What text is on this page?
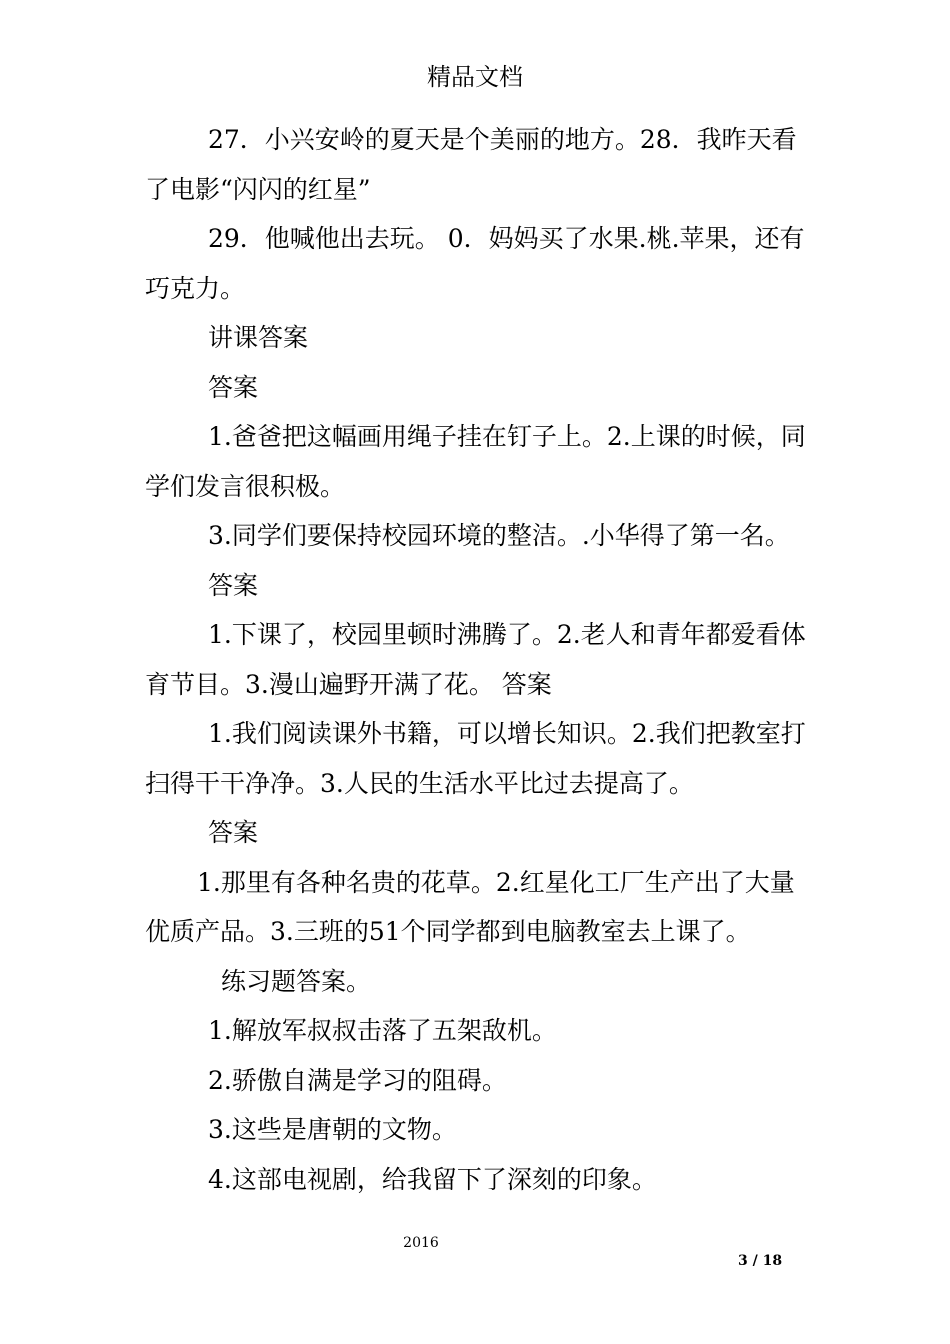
精品文档

27．小兴安岭的夏天是个美丽的地方。28．我昨天看了电影“闪闪的红星”

29．他喊他出去玩。 0．妈妈买了水果.桃.苹果，还有巧克力。

讲课答案

答案

1.爸爸把这幅画用绳子挂在钉子上。2.上课的时候，同学们发言很积极。

3.同学们要保持校园环境的整洁。.小华得了第一名。

答案

1.下课了，校园里顿时沸腾了。2.老人和青年都爱看体育节目。3.漫山遍野开满了花。 答案

1.我们阅读课外书籍，可以增长知识。2.我们把教室打扫得干干净净。3.人民的生活水平比过去提高了。

答案

1.那里有各种名贵的花草。2.红星化工厂生产出了大量优质产品。3.三班的51个同学都到电脑教室去上课了。

练习题答案。

1.解放军叔叔击落了五架敌机。

2.骄傲自满是学习的阻碍。

3.这些是唐朝的文物。

4.这部电视剧，给我留下了深刻的印象。

2016
3 / 18
